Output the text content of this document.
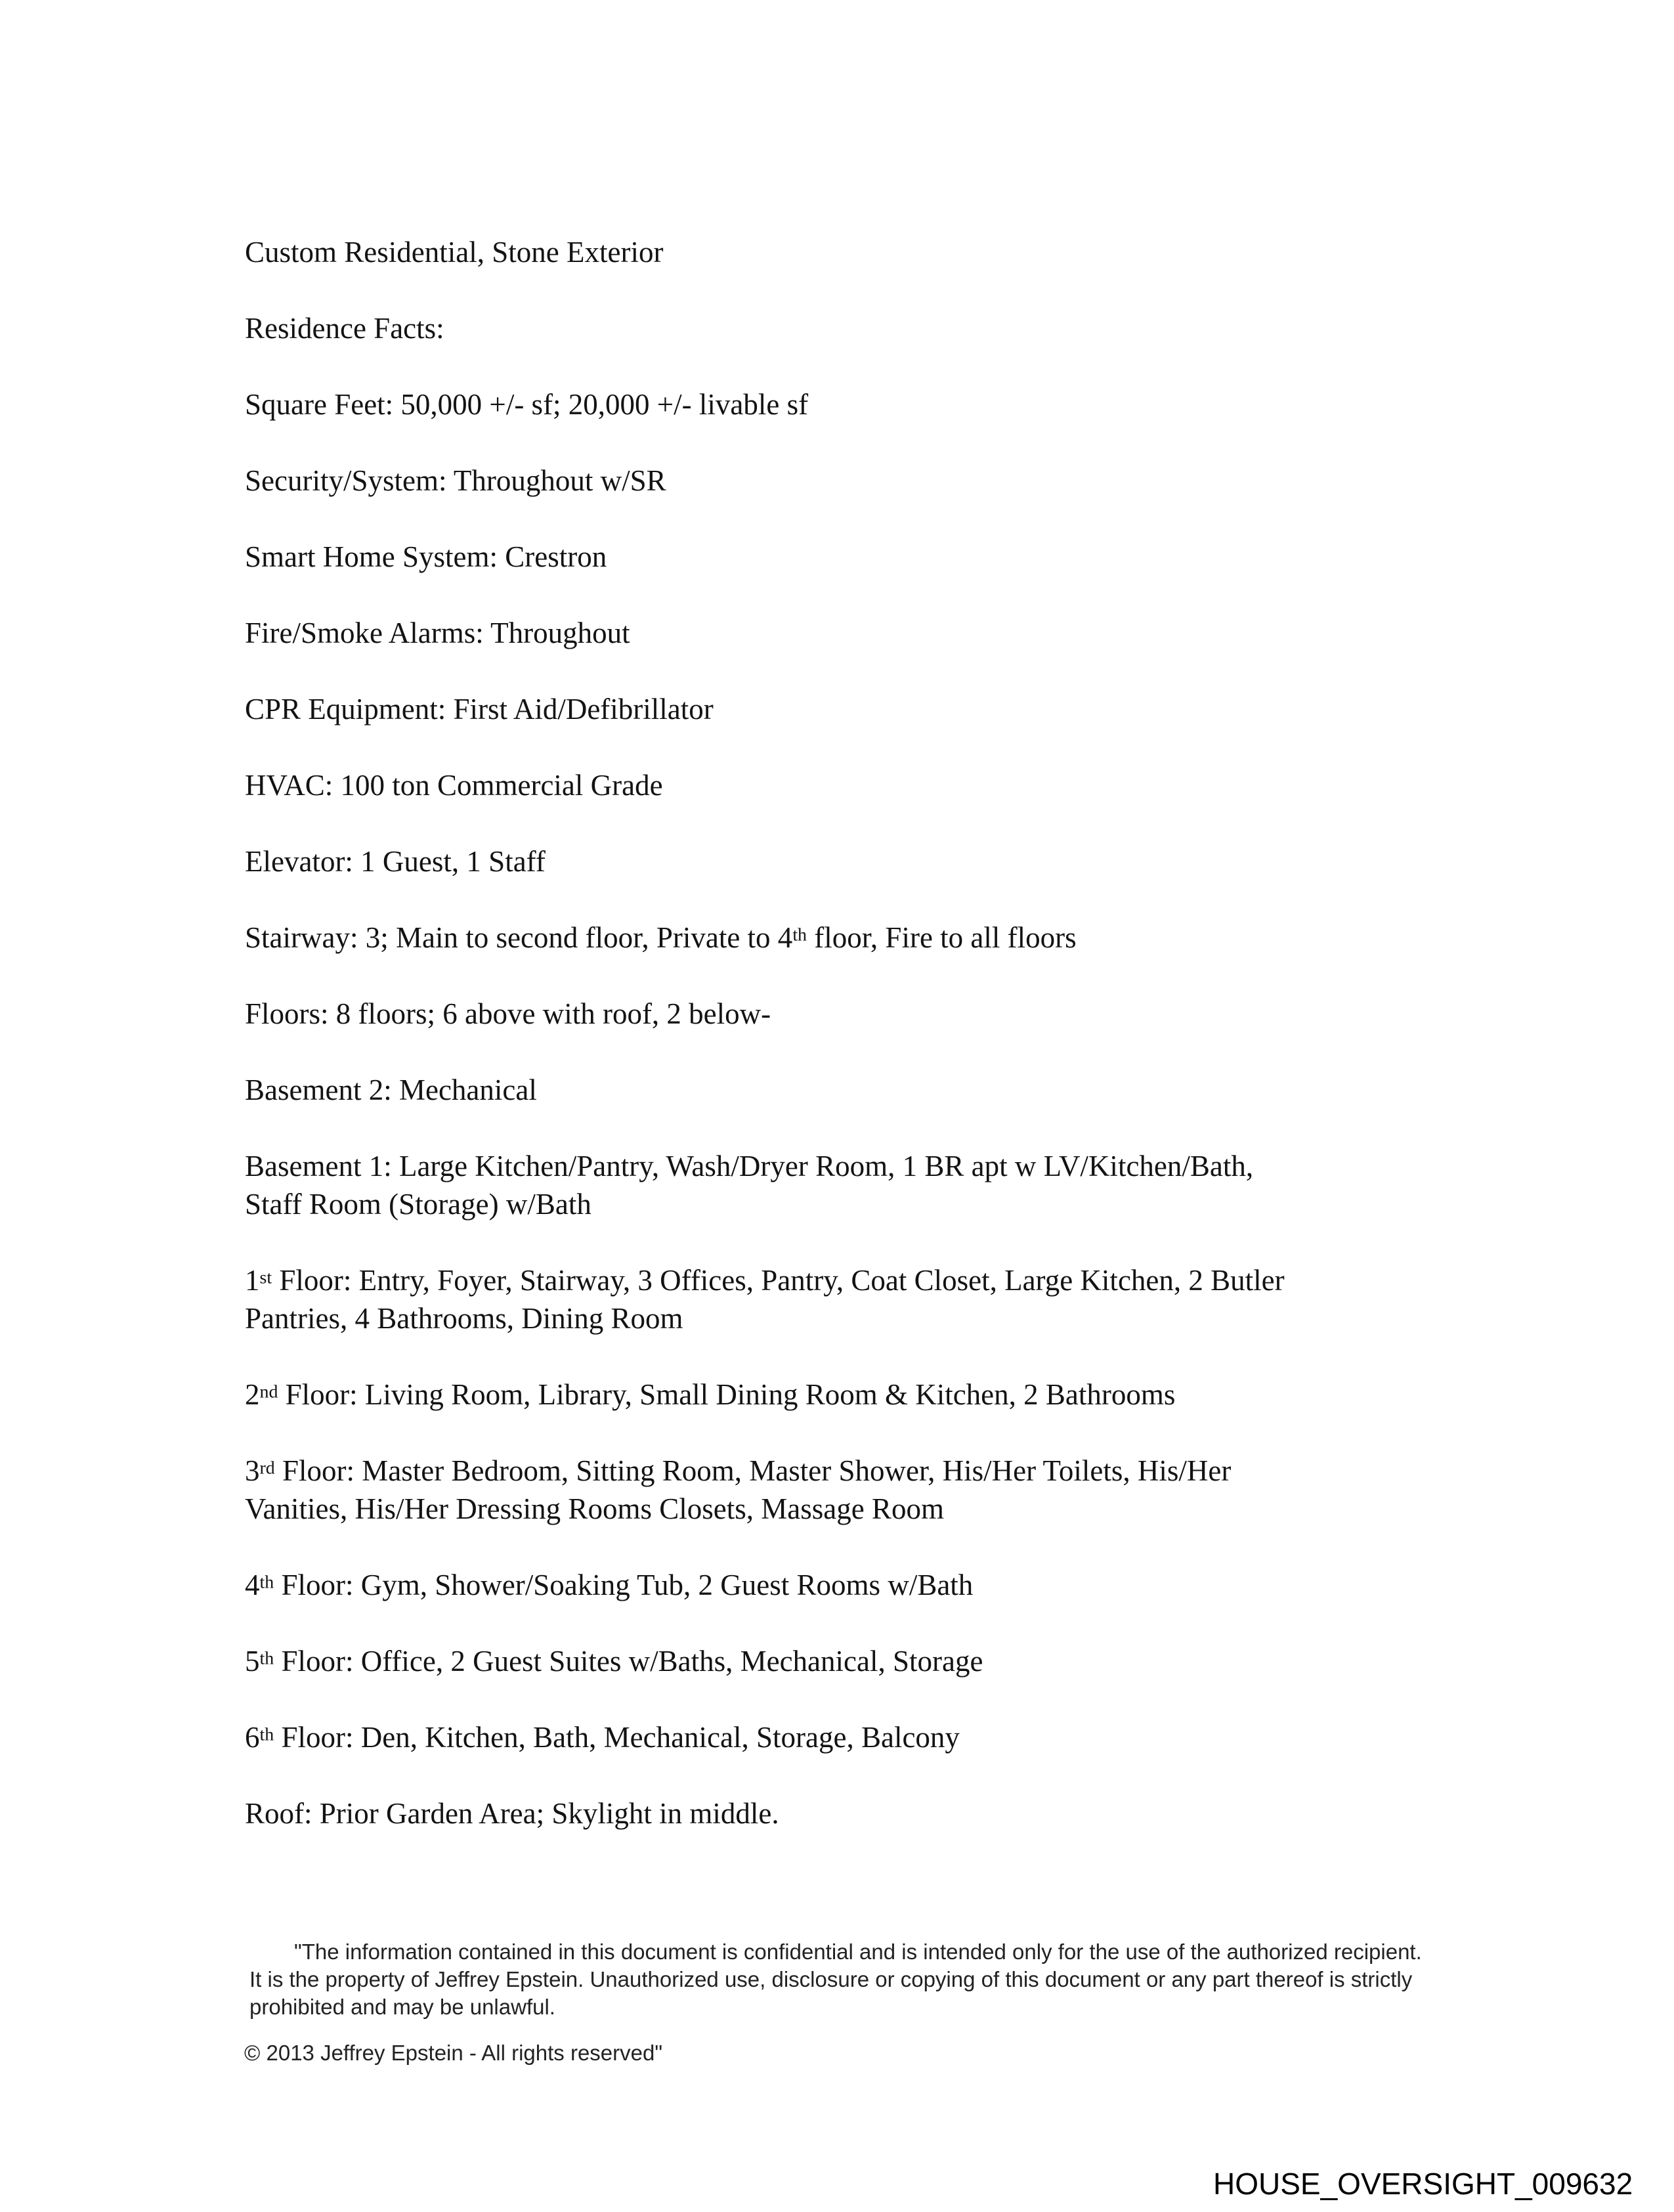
Custom Residential, Stone Exterior
Residence Facts:
Square Feet: 50,000 +/- sf; 20,000 +/- livable sf
Security/System: Throughout w/SR
Smart Home System: Crestron
Fire/Smoke Alarms: Throughout
CPR Equipment: First Aid/Defibrillator
HVAC: 100 ton Commercial Grade
Elevator: 1 Guest, 1 Staff
Stairway: 3; Main to second floor, Private to 4th floor, Fire to all floors
Floors: 8 floors; 6 above with roof, 2 below-
Basement 2: Mechanical
Basement 1: Large Kitchen/Pantry, Wash/Dryer Room, 1 BR apt w LV/Kitchen/Bath,
Staff Room (Storage) w/Bath
1st Floor: Entry, Foyer, Stairway, 3 Offices, Pantry, Coat Closet, Large Kitchen, 2 Butler
Pantries, 4 Bathrooms, Dining Room
2nd Floor: Living Room, Library, Small Dining Room & Kitchen, 2 Bathrooms
3rd Floor: Master Bedroom, Sitting Room, Master Shower, His/Her Toilets, His/Her
Vanities, His/Her Dressing Rooms Closets, Massage Room
4th Floor: Gym, Shower/Soaking Tub, 2 Guest Rooms w/Bath
5th Floor: Office, 2 Guest Suites w/Baths, Mechanical, Storage
6th Floor: Den, Kitchen, Bath, Mechanical, Storage, Balcony
Roof: Prior Garden Area; Skylight in middle.
"The information contained in this document is confidential and is intended only for the use of the authorized recipient.
It is the property of Jeffrey Epstein. Unauthorized use, disclosure or copying of this document or any part thereof is strictly
prohibited and may be unlawful.
© 2013 Jeffrey Epstein - All rights reserved"
HOUSE_OVERSIGHT_009632
